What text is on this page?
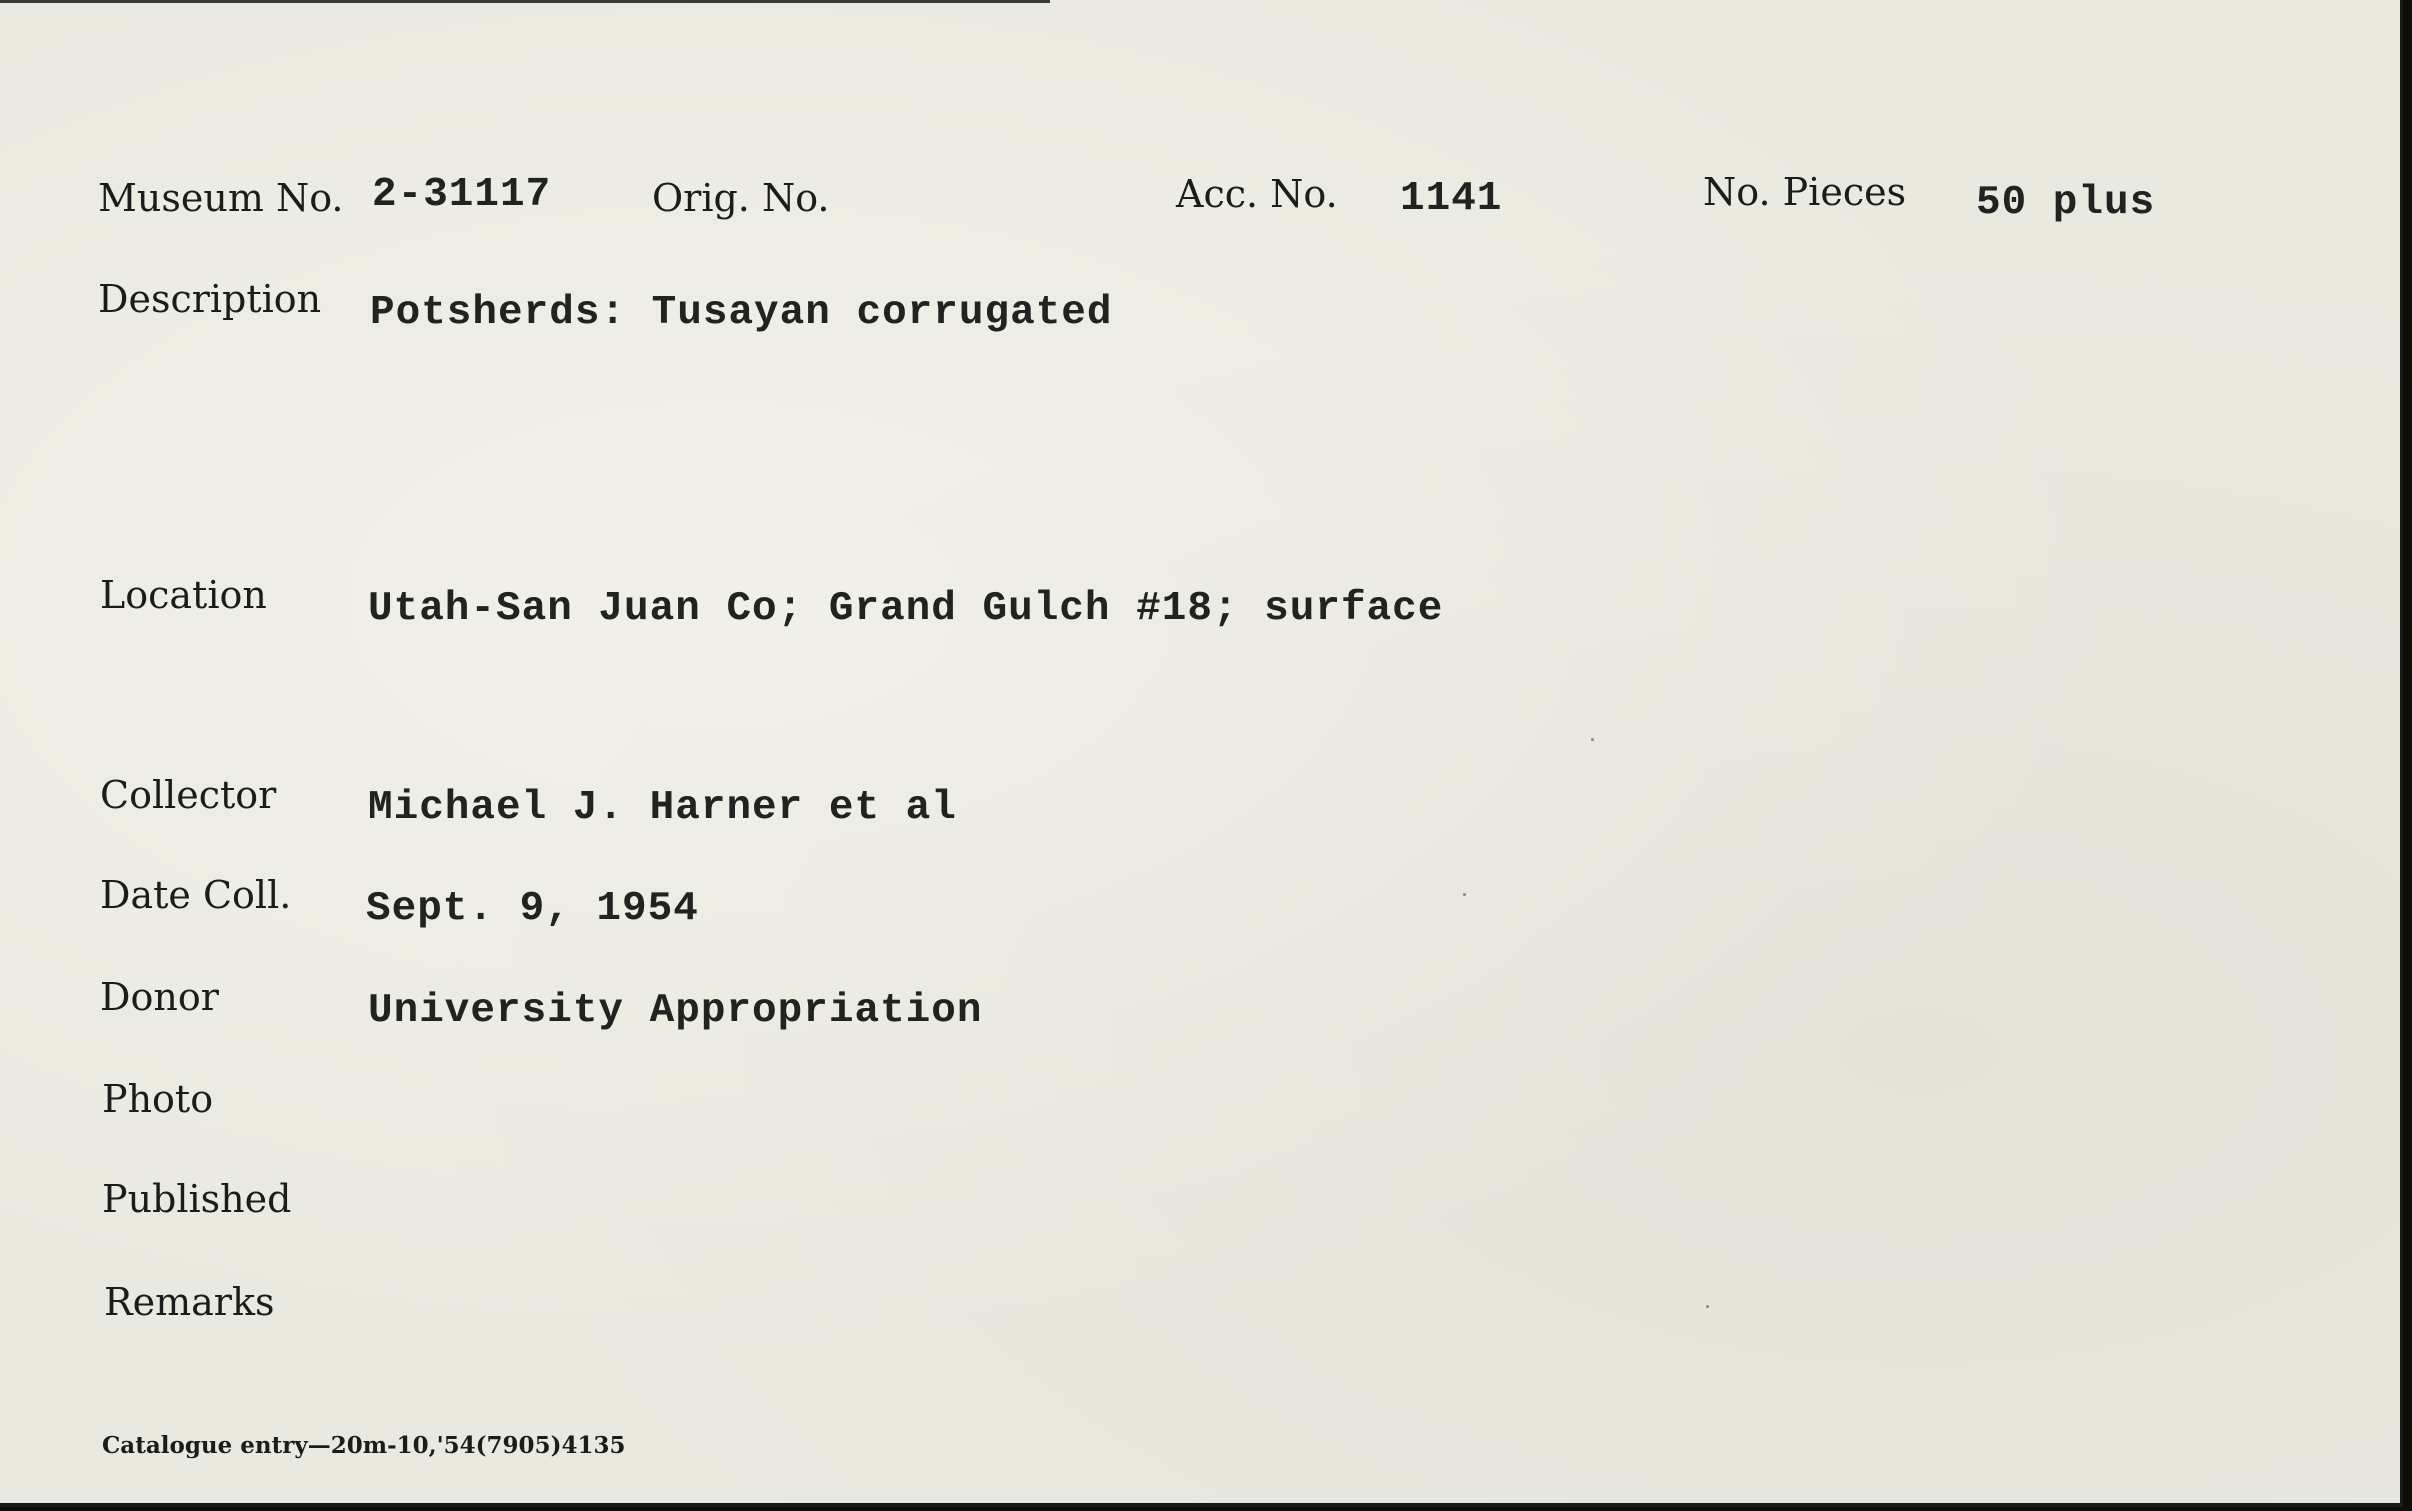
Museum No. 2-31117	Orig. No.	Acc. No. 1141	No. Pieces 50 plus
Description Potsherds: Tusayan corrugated
Location Utah-San Juan Co; Grand Gulch #18; surface
Collector Michael J. Harner et al
Date Coll. Sept. 9, 1954
Donor	University Appropriation
Photo
Published
Remarks
Catalogue entry—20m-10,'54(7905)4135
